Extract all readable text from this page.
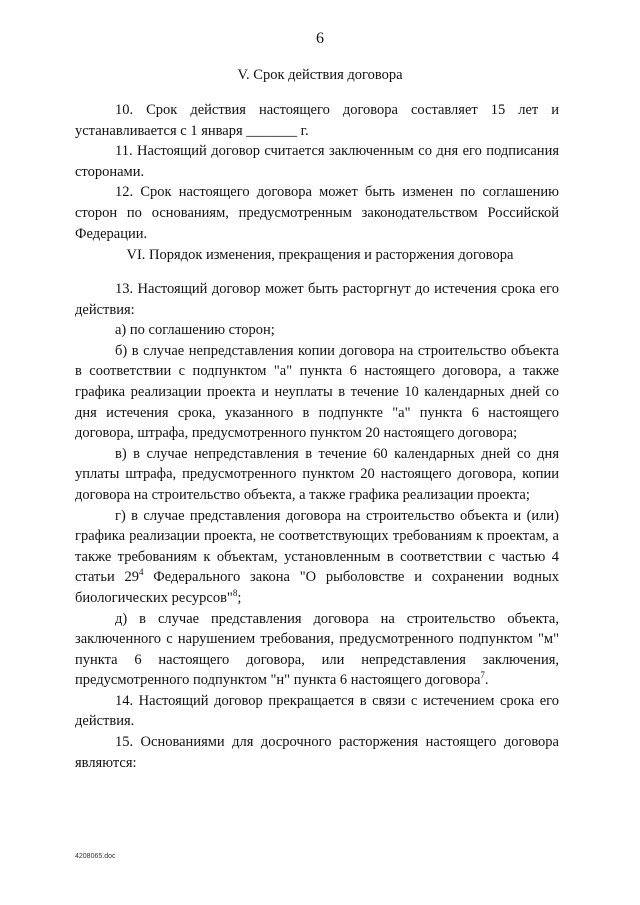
6
V. Срок действия договора

10. Срок действия настоящего договора составляет 15 лет и устанавливается с 1 января _______ г.

11. Настоящий договор считается заключенным со дня его подписания сторонами.

12. Срок настоящего договора может быть изменен по соглашению сторон по основаниям, предусмотренным законодательством Российской Федерации.

VI. Порядок изменения, прекращения и расторжения договора

13. Настоящий договор может быть расторгнут до истечения срока его действия:

а) по соглашению сторон;

б) в случае непредставления копии договора на строительство объекта в соответствии с подпунктом "а" пункта 6 настоящего договора, а также графика реализации проекта и неуплаты в течение 10 календарных дней со дня истечения срока, указанного в подпункте "а" пункта 6 настоящего договора, штрафа, предусмотренного пунктом 20 настоящего договора;

в) в случае непредставления в течение 60 календарных дней со дня уплаты штрафа, предусмотренного пунктом 20 настоящего договора, копии договора на строительство объекта, а также графика реализации проекта;

г) в случае представления договора на строительство объекта и (или) графика реализации проекта, не соответствующих требованиям к проектам, а также требованиям к объектам, установленным в соответствии с частью 4 статьи $29^4$ Федерального закона "О рыболовстве и сохранении водных биологических ресурсов"$^8$;

д) в случае представления договора на строительство объекта, заключенного с нарушением требования, предусмотренного подпунктом "м" пункта 6 настоящего договора, или непредставления заключения, предусмотренного подпунктом "н" пункта 6 настоящего договора$^7$.

14. Настоящий договор прекращается в связи с истечением срока его действия.

15. Основаниями для досрочного расторжения настоящего договора являются:

4208065.doc
